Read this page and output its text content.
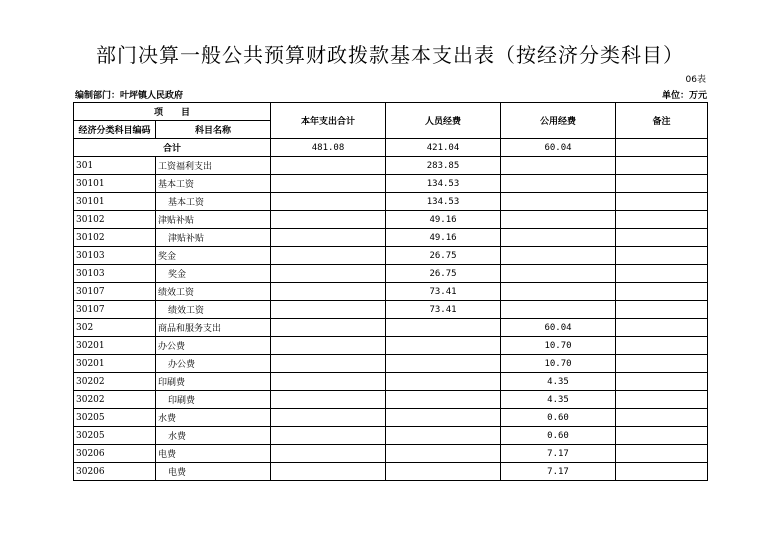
部门决算一般公共预算财政拨款基本支出表（按经济分类科目）
06表
编制部门：叶坪镇人民政府	单位：万元
项　　目		本年支出合计	人员经费	公用经费	备注
经济分类科目编码	科目名称				
合计		481.08	421.04	60.04	
301	工资福利支出		283.85		
30101	基本工资		134.53		
30101	基本工资		134.53		
30102	津贴补贴		49.16		
30102	津贴补贴		49.16		
30103	奖金		26.75		
30103	奖金		26.75		
30107	绩效工资		73.41		
30107	绩效工资		73.41		
302	商品和服务支出			60.04	
30201	办公费			10.70	
30201	办公费			10.70	
30202	印刷费			4.35	
30202	印刷费			4.35	
30205	水费			0.60	
30205	水费			0.60	
30206	电费			7.17	
30206	电费			7.17	
